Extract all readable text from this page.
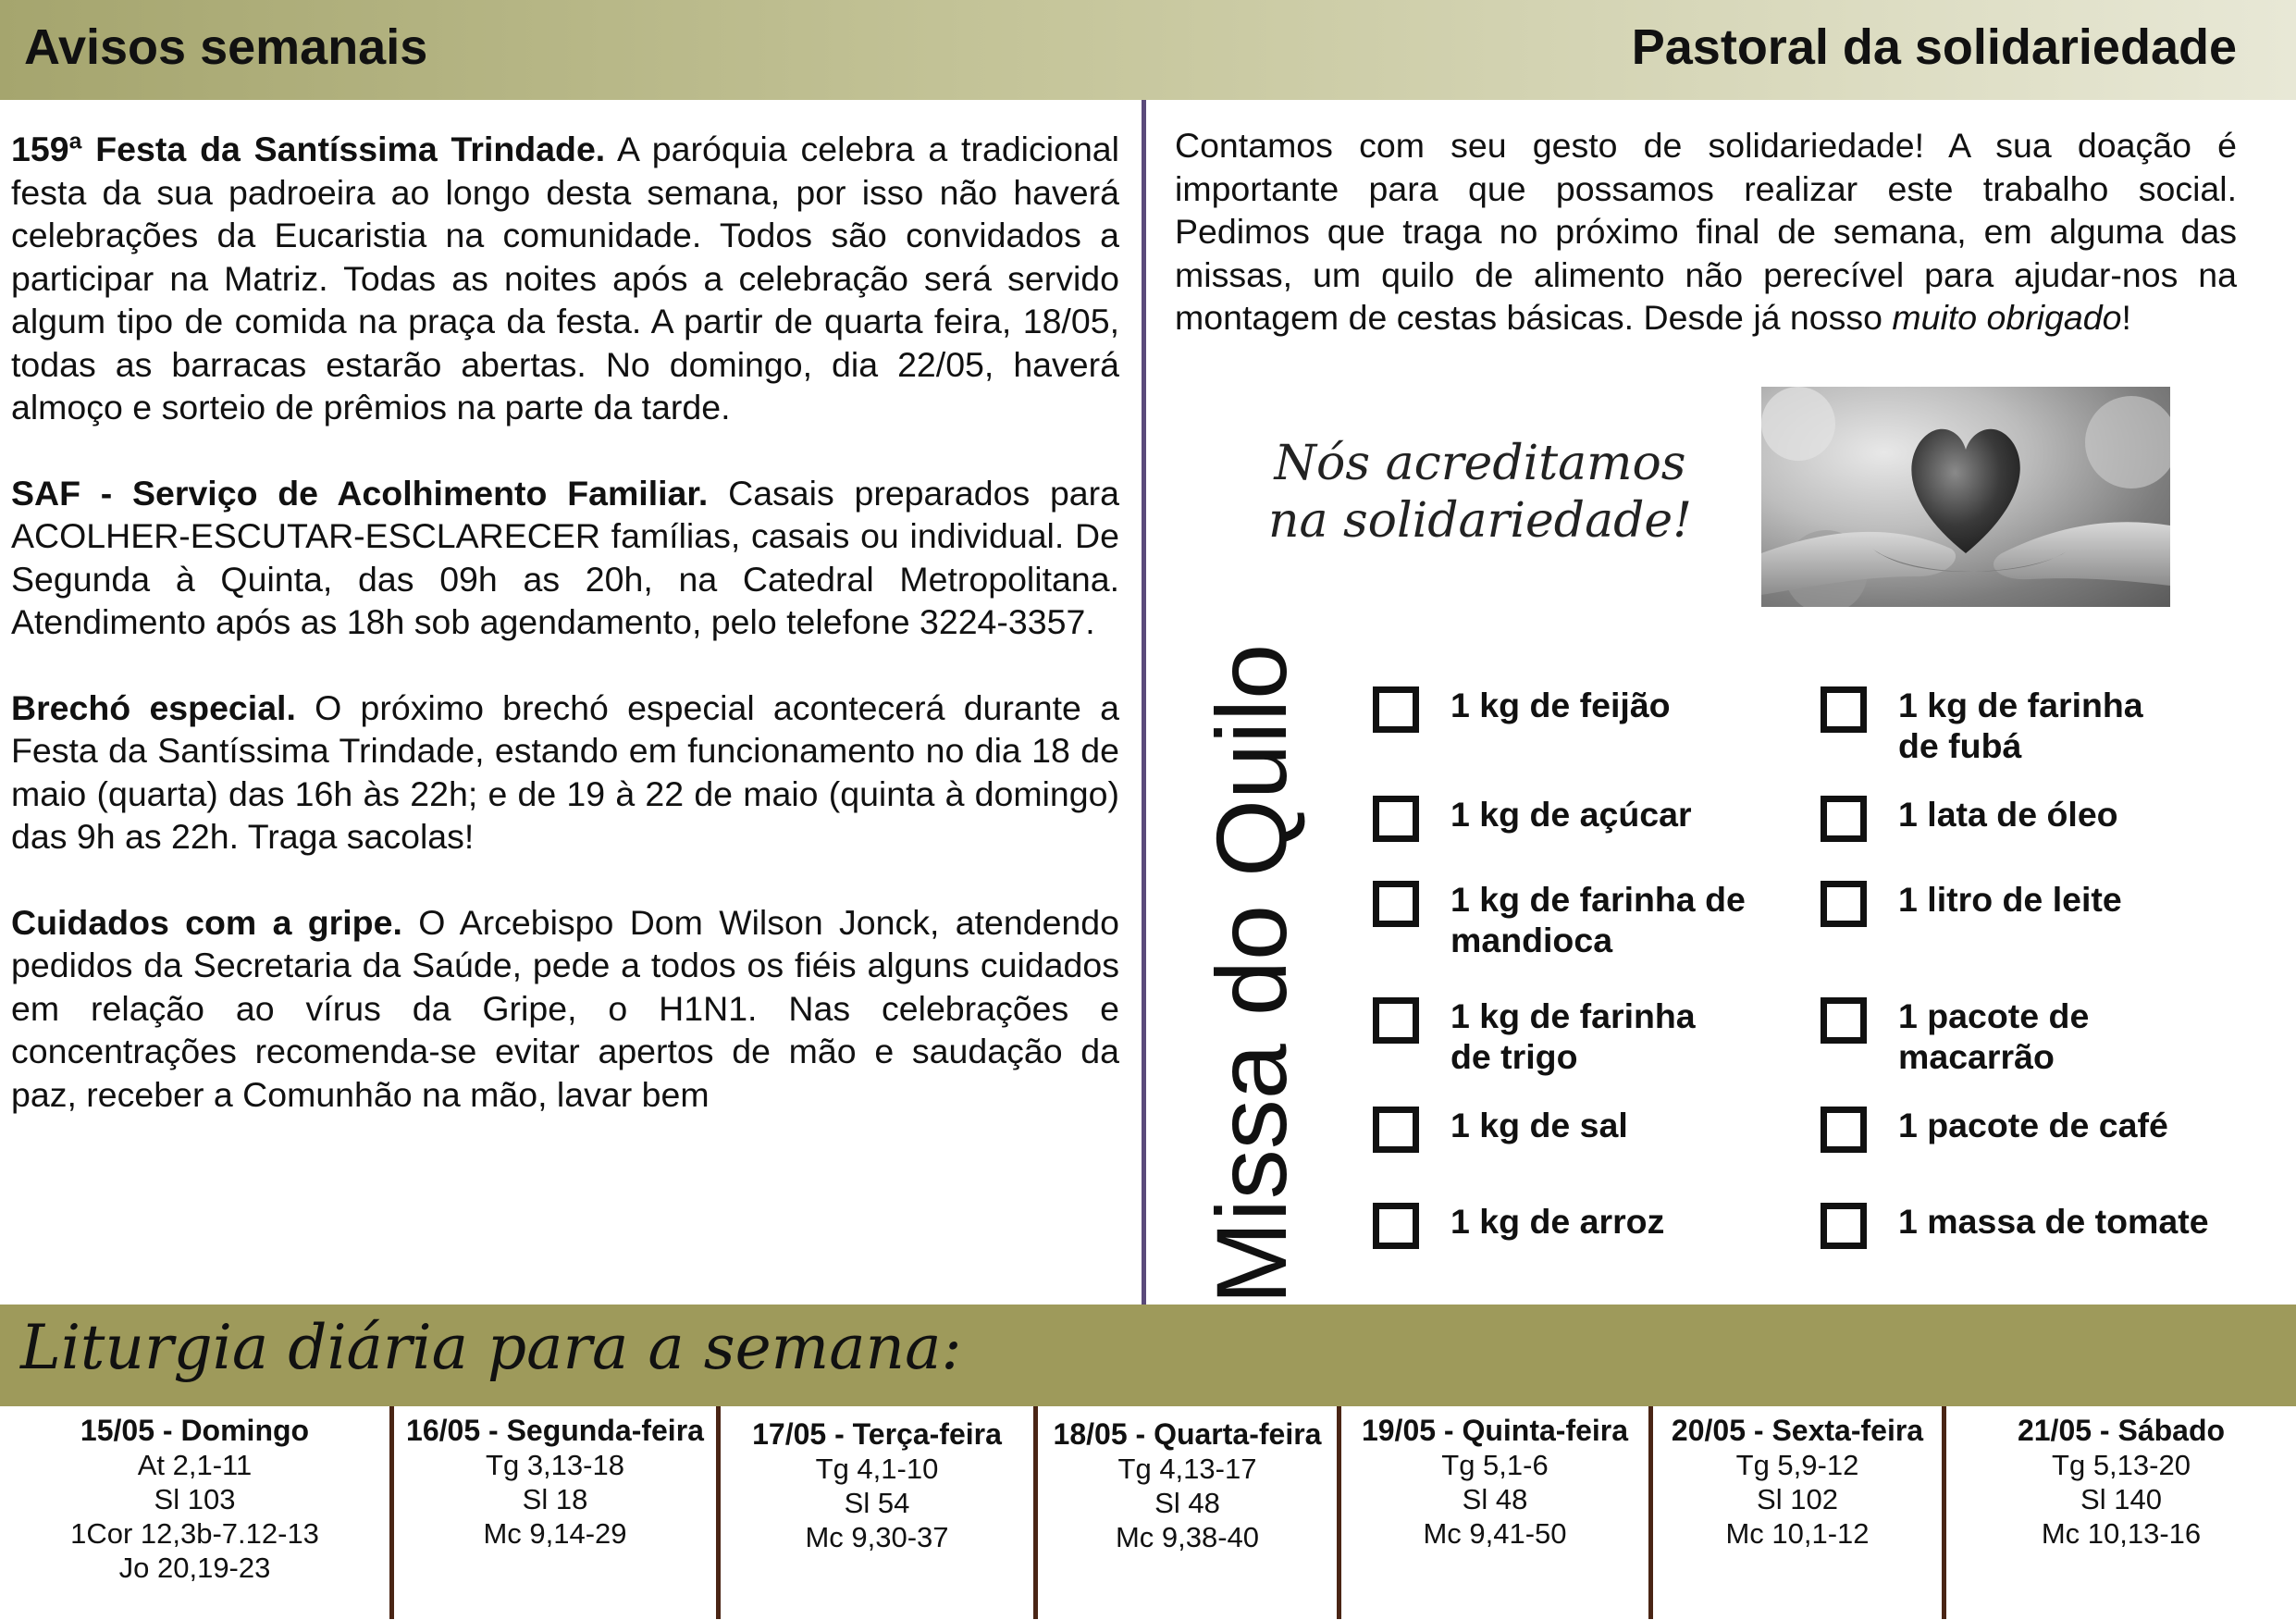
Avisos semanais	Pastoral da solidariedade

159ª Festa da Santíssima Trindade. A paróquia celebra a tradicional festa da sua padroeira ao longo desta semana, por isso não haverá celebrações da Eucaristia na comunidade. Todos são convidados a participar na Matriz. Todas as noites após a celebração será servido algum tipo de comida na praça da festa. A partir de quarta feira, 18/05, todas as barracas estarão abertas. No domingo, dia 22/05, haverá almoço e sorteio de prêmios na parte da tarde.

SAF - Serviço de Acolhimento Familiar. Casais preparados para ACOLHER-ESCUTAR-ESCLARECER famílias, casais ou individual. De Segunda à Quinta, das 09h as 20h, na Catedral Metropolitana. Atendimento após as 18h sob agendamento, pelo telefone 3224-3357.

Brechó especial. O próximo brechó especial acontecerá durante a Festa da Santíssima Trindade, estando em funcionamento no dia 18 de maio (quarta) das 16h às 22h; e de 19 à 22 de maio (quinta à domingo) das 9h as 22h. Traga sacolas!

Cuidados com a gripe. O Arcebispo Dom Wilson Jonck, atendendo pedidos da Secretaria da Saúde, pede a todos os fiéis alguns cuidados em relação ao vírus da Gripe, o H1N1. Nas celebrações e concentrações recomenda-se evitar apertos de mão e saudação da paz, receber a Comunhão na mão, lavar bem

Contamos com seu gesto de solidariedade! A sua doação é importante para que possamos realizar este trabalho social. Pedimos que traga no próximo final de semana, em alguma das missas, um quilo de alimento não perecível para ajudar-nos na montagem de cestas básicas. Desde já nosso muito obrigado!
Nós acreditamos
na solidariedade!
Missa do Quilo	1 kg de feijão
1 kg de açúcar
1 kg de farinha de mandioca
1 kg de farinha de trigo
1 kg de sal
1 kg de arroz
1 kg de farinha de fubá
1 lata de óleo
1 litro de leite
1 pacote de macarrão
1 pacote de café
1 massa de tomate
Liturgia diária para a semana:
15/05 - Domingo
At 2,1-11
Sl 103
1Cor 12,3b-7.12-13
Jo 20,19-23
16/05 - Segunda-feira
Tg 3,13-18
Sl 18
Mc 9,14-29
17/05 - Terça-feira
Tg 4,1-10
Sl 54
Mc 9,30-37
18/05 - Quarta-feira
Tg 4,13-17
Sl 48
Mc 9,38-40
19/05 - Quinta-feira
Tg 5,1-6
Sl 48
Mc 9,41-50
20/05 - Sexta-feira
Tg 5,9-12
Sl 102
Mc 10,1-12
21/05 - Sábado
Tg 5,13-20
Sl 140
Mc 10,13-16
